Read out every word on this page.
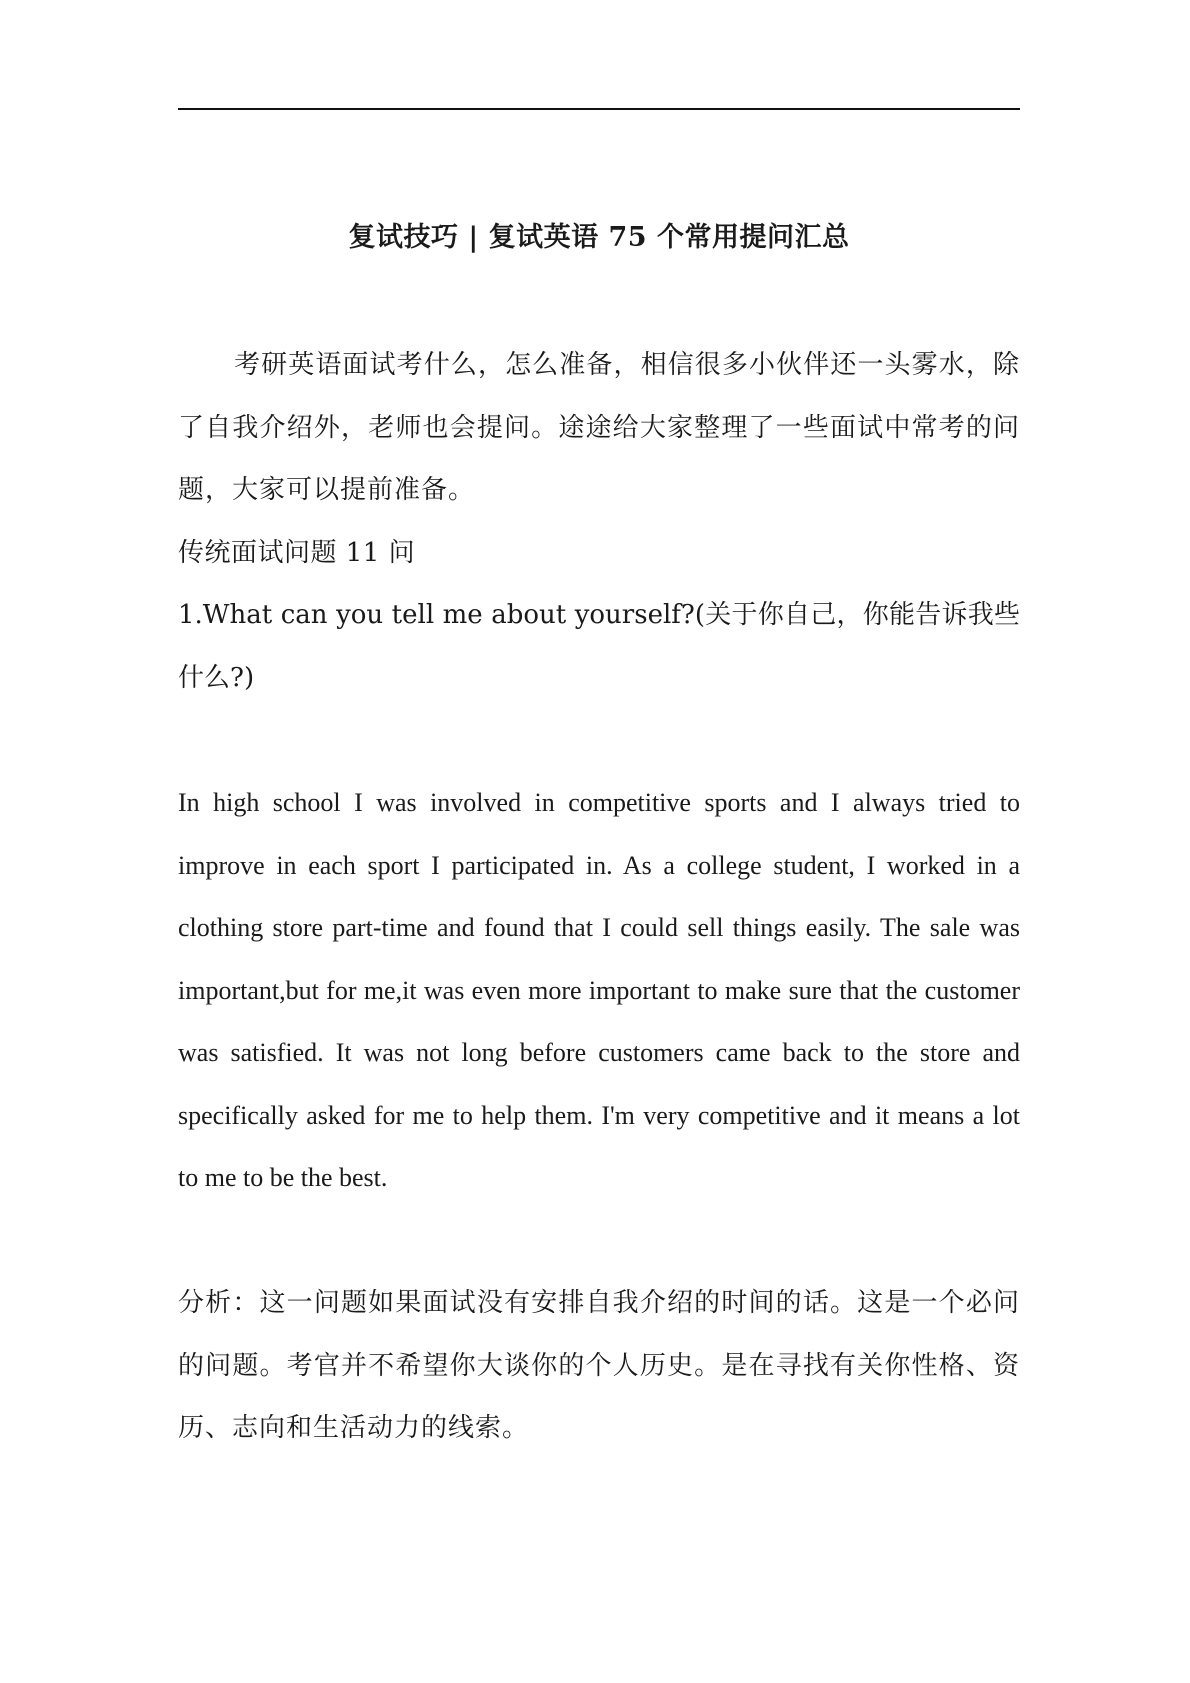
复试技巧 | 复试英语 75 个常用提问汇总

考研英语面试考什么，怎么准备，相信很多小伙伴还一头雾水，除了自我介绍外，老师也会提问。途途给大家整理了一些面试中常考的问题，大家可以提前准备。

传统面试问题 11 问

1.What can you tell me about yourself?(关于你自己，你能告诉我些什么?)

In high school I was involved in competitive sports and I always tried to improve in each sport I participated in. As a college student, I worked in a clothing store part-time and found that I could sell things easily. The sale was important,but for me,it was even more important to make sure that the customer was satisfied. It was not long before customers came back to the store and specifically asked for me to help them. I'm very competitive and it means a lot to me to be the best.

分析：这一问题如果面试没有安排自我介绍的时间的话。这是一个必问的问题。考官并不希望你大谈你的个人历史。是在寻找有关你性格、资历、志向和生活动力的线索。
